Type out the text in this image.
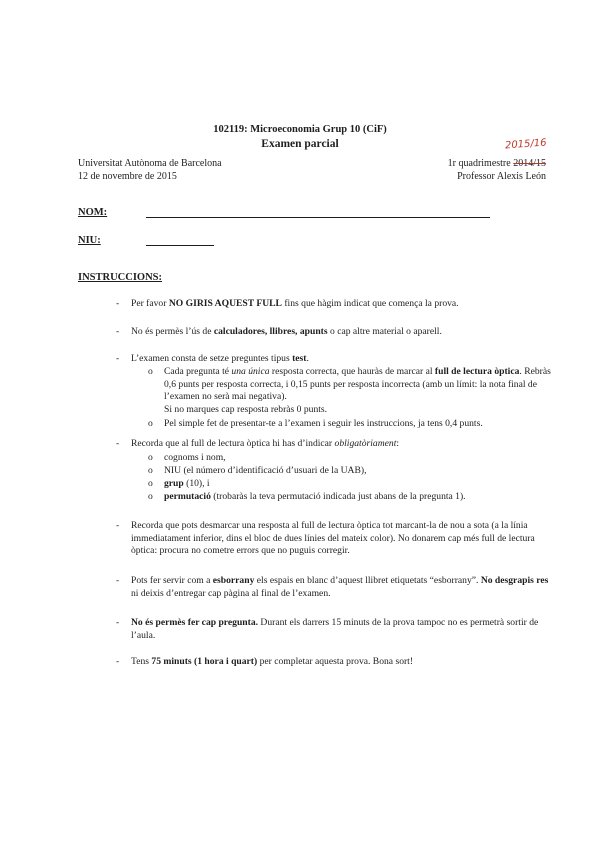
102119: Microeconomia Grup 10 (CiF)
Examen parcial	2015/16
Universitat Autònoma de Barcelona
12 de novembre de 2015
1r quadrimestre 2014/15
Professor Alexis León
NOM:
NIU:
INSTRUCCIONS:
- Per favor NO GIRIS AQUEST FULL fins que hàgim indicat que comença la prova.
- No és permès l’ús de calculadores, llibres, apunts o cap altre material o aparell.
- L’examen consta de setze preguntes tipus test.
o Cada pregunta té una única resposta correcta, que hauràs de marcar al full de lectura òptica. Rebràs 0,6 punts per resposta correcta, i 0,15 punts per resposta incorrecta (amb un límit: la nota final de l’examen no serà mai negativa).
Si no marques cap resposta rebràs 0 punts.
o Pel simple fet de presentar-te a l’examen i seguir les instruccions, ja tens 0,4 punts.
- Recorda que al full de lectura òptica hi has d’indicar obligatòriament:
o cognoms i nom,
o NIU (el número d’identificació d’usuari de la UAB),
o grup (10), i
o permutació (trobaràs la teva permutació indicada just abans de la pregunta 1).
- Recorda que pots desmarcar una resposta al full de lectura òptica tot marcant-la de nou a sota (a la línia immediatament inferior, dins el bloc de dues línies del mateix color). No donarem cap més full de lectura òptica: procura no cometre errors que no puguis corregir.
- Pots fer servir com a esborrany els espais en blanc d’aquest llibret etiquetats “esborrany”. No desgrapis res ni deixis d’entregar cap pàgina al final de l’examen.
- No és permès fer cap pregunta. Durant els darrers 15 minuts de la prova tampoc no es permetrà sortir de l’aula.
- Tens 75 minuts (1 hora i quart) per completar aquesta prova. Bona sort!
